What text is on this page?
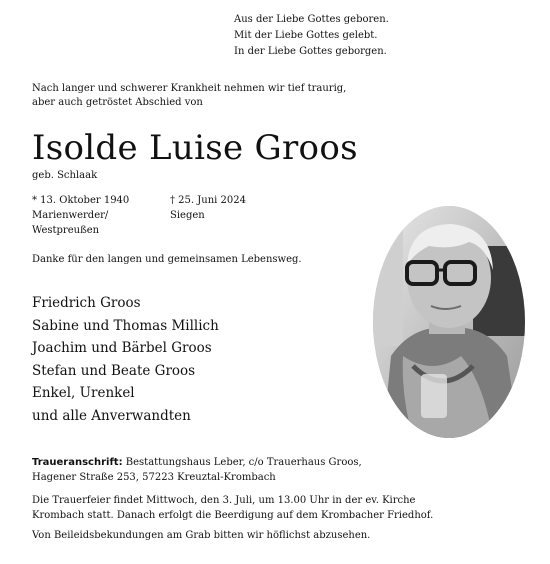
Aus der Liebe Gottes geboren.
Mit der Liebe Gottes gelebt.
In der Liebe Gottes geborgen.
Nach langer und schwerer Krankheit nehmen wir tief traurig,
aber auch getröstet Abschied von
Isolde Luise Groos
geb. Schlaak
* 13. Oktober 1940
Marienwerder/
Westpreußen
† 25. Juni 2024
Siegen
Danke für den langen und gemeinsamen Lebensweg.
Friedrich Groos
Sabine und Thomas Millich
Joachim und Bärbel Groos
Stefan und Beate Groos
Enkel, Urenkel
und alle Anverwandten
Traueranschrift: Bestattungshaus Leber, c/o Trauerhaus Groos,
Hagener Straße 253, 57223 Kreuztal-Krombach
Die Trauerfeier findet Mittwoch, den 3. Juli, um 13.00 Uhr in der ev. Kirche
Krombach statt. Danach erfolgt die Beerdigung auf dem Krombacher Friedhof.
Von Beileidsbekundungen am Grab bitten wir höflichst abzusehen.
